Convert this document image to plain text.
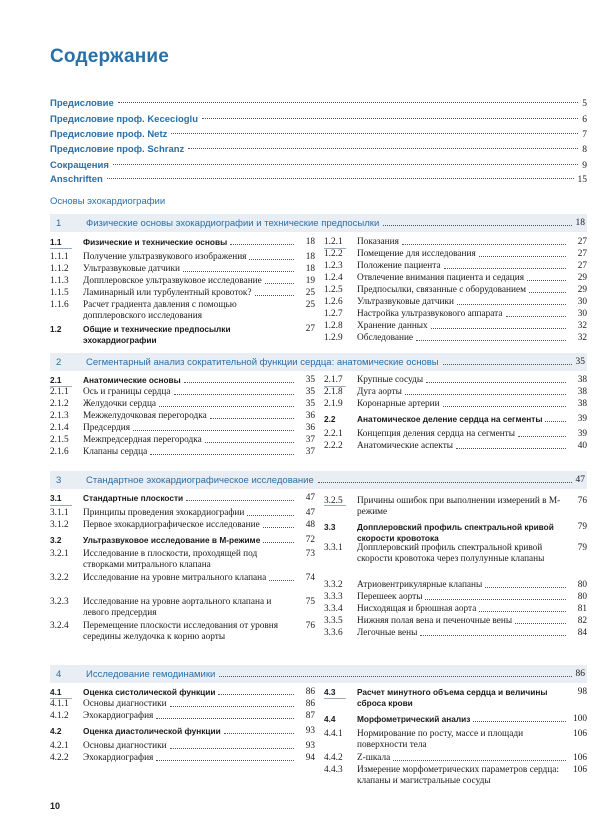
Содержание
Предисловие	5
Предисловие проф. Kececioglu	6
Предисловие проф. Netz	7
Предисловие проф. Schranz	8
Сокращения	9
Anschriften	15
Основы эхокардиографии
1	Физические основы эхокардиографии и технические предпосылки	18
1.1	Физические и технические основы	18
1.1.1	Получение ультразвукового изображения	18
1.1.2	Ультразвуковые датчики	18
1.1.3	Допплеровское ультразвуковое исследование	19
1.1.5	Ламинарный или турбулентный кровоток?	25
1.1.6	Расчет градиента давления с помощью допплеровского исследования
25
1.2	Общие и технические предпосылки эхокардиографии
27
1.2.1	Показания	27
1.2.2	Помещение для исследования	27
1.2.3	Положение пациента	27
1.2.4	Отвлечение внимания пациента и седация	29
1.2.5	Предпосылки, связанные с оборудованием	29
1.2.6	Ультразвуковые датчики	30
1.2.7	Настройка ультразвукового аппарата	30
1.2.8	Хранение данных	32
1.2.9	Обследование	32
2	Сегментарный анализ сократительной функции сердца: анатомические основы	35
2.1	Анатомические основы	35
2.1.1	Ось и границы сердца	35
2.1.2	Желудочки сердца	35
2.1.3	Межжелудочковая перегородка	36
2.1.4	Предсердия	36
2.1.5	Межпредсердная перегородка	37
2.1.6	Клапаны сердца	37
2.1.7	Крупные сосуды	38
2.1.8	Дуга аорты	38
2.1.9	Коронарные артерии	38
2.2	Анатомическое деление сердца на сегменты	39
2.2.1	Концепция деления сердца на сегменты	39
2.2.2	Анатомические аспекты	40
3	Стандартное эхокардиографическое исследование	47
3.1	Стандартные плоскости	47
3.1.1	Принципы проведения эхокардиографии	47
3.1.2	Первое эхокардиографическое исследование	48
3.2	Ультразвуковое исследование в М-режиме	72
3.2.1	Исследование в плоскости, проходящей под створками митрального клапана
73
3.2.2	Исследование на уровне митрального клапана	74
3.2.3	Исследование на уровне аортального клапана и левого предсердия
75
3.2.4	Перемещение плоскости исследования от уровня середины желудочка к корню аорты
76
3.2.5	Причины ошибок при выполнении измерений в М-режиме
76
3.3	Допплеровский профиль спектральной кривой скорости кровотока
79
3.3.1	Допплеровский профиль спектральной кривой скорости кровотока через полулунные клапаны
79
3.3.2	Атриовентрикулярные клапаны	80
3.3.3	Перешеек аорты	80
3.3.4	Нисходящая и брюшная аорта	81
3.3.5	Нижняя полая вена и печеночные вены	82
3.3.6	Легочные вены	84
4	Исследование гемодинамики	86
4.1	Оценка систолической функции	86
4.1.1	Основы диагностики	86
4.1.2	Эхокардиография	87
4.2	Оценка диастолической функции	93
4.2.1	Основы диагностики	93
4.2.2	Эхокардиография	94
4.3	Расчет минутного объема сердца и величины сброса крови
98
4.4	Морфометрический анализ	100
4.4.1	Нормирование по росту, массе и площади поверхности тела
106
4.4.2	Z-шкала	106
4.4.3	Измерение морфометрических параметров сердца: клапаны и магистральные сосуды
106
10
